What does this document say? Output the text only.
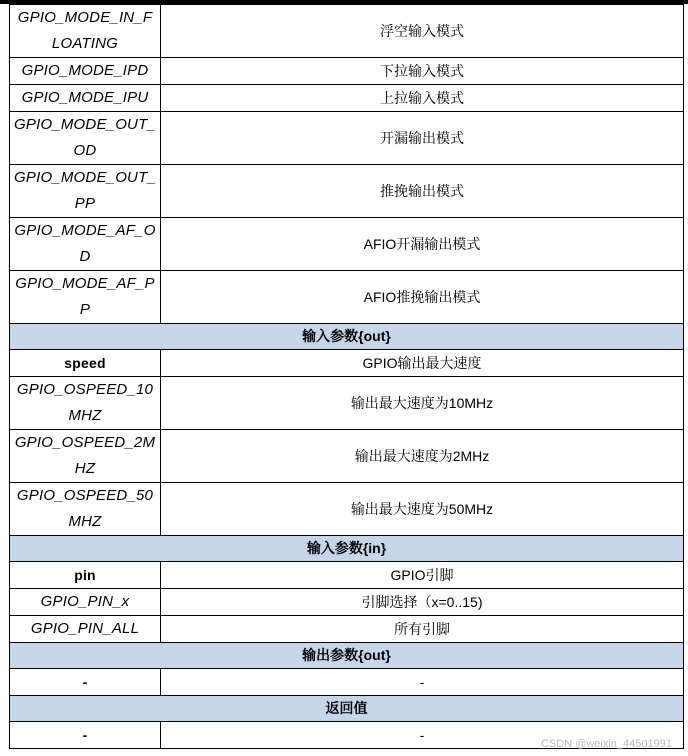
GPIO_MODE_IN_FLOATING	浮空输入模式
GPIO_MODE_IPD	下拉输入模式
GPIO_MODE_IPU	上拉输入模式
GPIO_MODE_OUT_OD	开漏输出模式
GPIO_MODE_OUT_PP	推挽输出模式
GPIO_MODE_AF_OD	AFIO开漏输出模式
GPIO_MODE_AF_PP	AFIO推挽输出模式
输入参数{out}	
speed	GPIO输出最大速度
GPIO_OSPEED_10MHZ	输出最大速度为10MHz
GPIO_OSPEED_2MHZ	输出最大速度为2MHz
GPIO_OSPEED_50MHZ	输出最大速度为50MHz
输入参数{in}	
pin	GPIO引脚
GPIO_PIN_x	引脚选择（x=0..15)
GPIO_PIN_ALL	所有引脚
输出参数{out}	
-	-
返回值	
-	-
CSDN @weixin_44501991
